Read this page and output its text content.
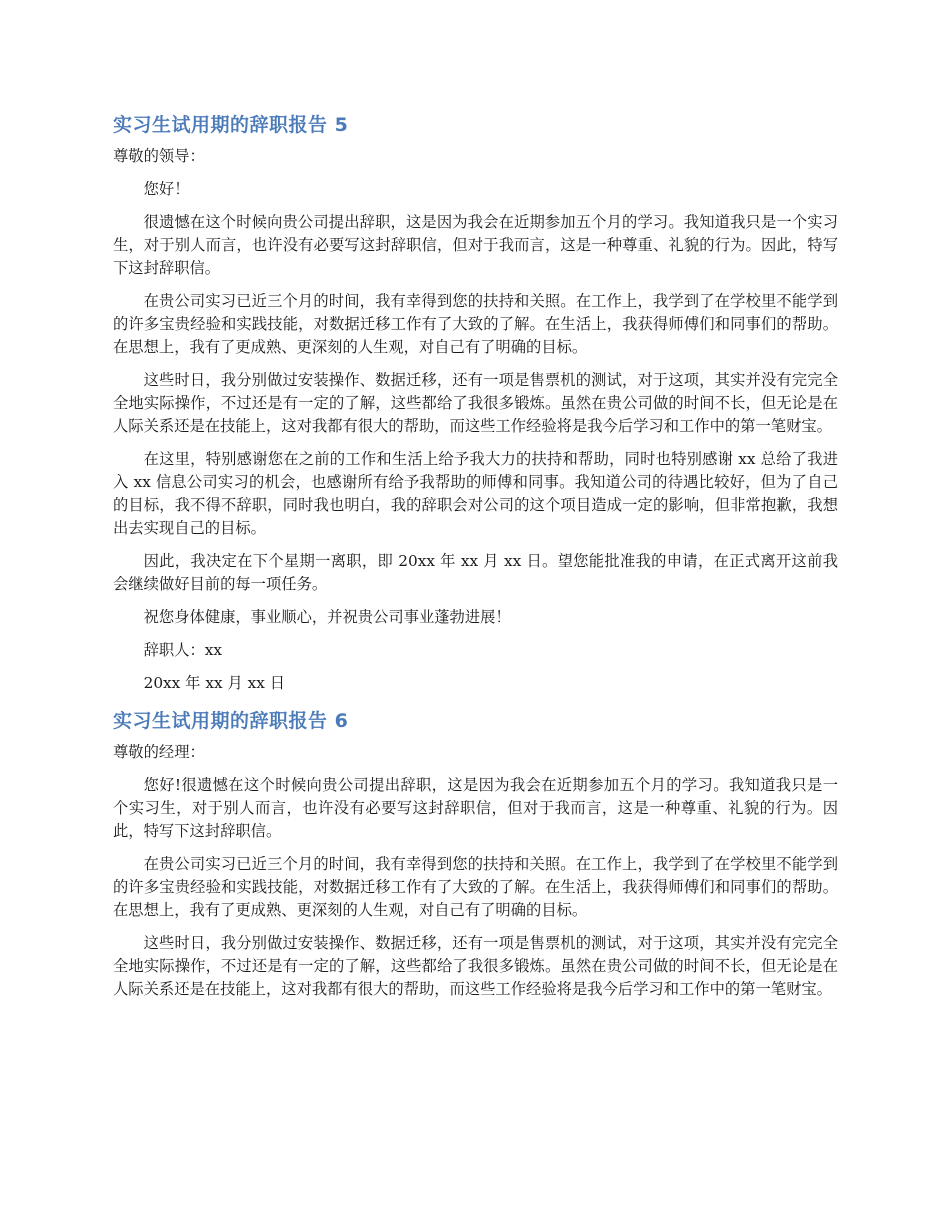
实习生试用期的辞职报告 5

尊敬的领导：

您好！

很遗憾在这个时候向贵公司提出辞职，这是因为我会在近期参加五个月的学习。我知道我只是一个实习生，对于别人而言，也许没有必要写这封辞职信，但对于我而言，这是一种尊重、礼貌的行为。因此，特写下这封辞职信。

在贵公司实习已近三个月的时间，我有幸得到您的扶持和关照。在工作上，我学到了在学校里不能学到的许多宝贵经验和实践技能，对数据迁移工作有了大致的了解。在生活上，我获得师傅们和同事们的帮助。在思想上，我有了更成熟、更深刻的人生观，对自己有了明确的目标。

这些时日，我分别做过安装操作、数据迁移，还有一项是售票机的测试，对于这项，其实并没有完完全全地实际操作，不过还是有一定的了解，这些都给了我很多锻炼。虽然在贵公司做的时间不长，但无论是在人际关系还是在技能上，这对我都有很大的帮助，而这些工作经验将是我今后学习和工作中的第一笔财宝。

在这里，特别感谢您在之前的工作和生活上给予我大力的扶持和帮助，同时也特别感谢 xx 总给了我进入 xx 信息公司实习的机会，也感谢所有给予我帮助的师傅和同事。我知道公司的待遇比较好，但为了自己的目标，我不得不辞职，同时我也明白，我的辞职会对公司的这个项目造成一定的影响，但非常抱歉，我想出去实现自己的目标。

因此，我决定在下个星期一离职，即 20xx 年 xx 月 xx 日。望您能批准我的申请，在正式离开这前我会继续做好目前的每一项任务。

祝您身体健康，事业顺心，并祝贵公司事业蓬勃进展！

辞职人：xx

20xx 年 xx 月 xx 日

实习生试用期的辞职报告 6

尊敬的经理：

您好!很遗憾在这个时候向贵公司提出辞职，这是因为我会在近期参加五个月的学习。我知道我只是一个实习生，对于别人而言，也许没有必要写这封辞职信，但对于我而言，这是一种尊重、礼貌的行为。因此，特写下这封辞职信。

在贵公司实习已近三个月的时间，我有幸得到您的扶持和关照。在工作上，我学到了在学校里不能学到的许多宝贵经验和实践技能，对数据迁移工作有了大致的了解。在生活上，我获得师傅们和同事们的帮助。在思想上，我有了更成熟、更深刻的人生观，对自己有了明确的目标。

这些时日，我分别做过安装操作、数据迁移，还有一项是售票机的测试，对于这项，其实并没有完完全全地实际操作，不过还是有一定的了解，这些都给了我很多锻炼。虽然在贵公司做的时间不长，但无论是在人际关系还是在技能上，这对我都有很大的帮助，而这些工作经验将是我今后学习和工作中的第一笔财宝。
